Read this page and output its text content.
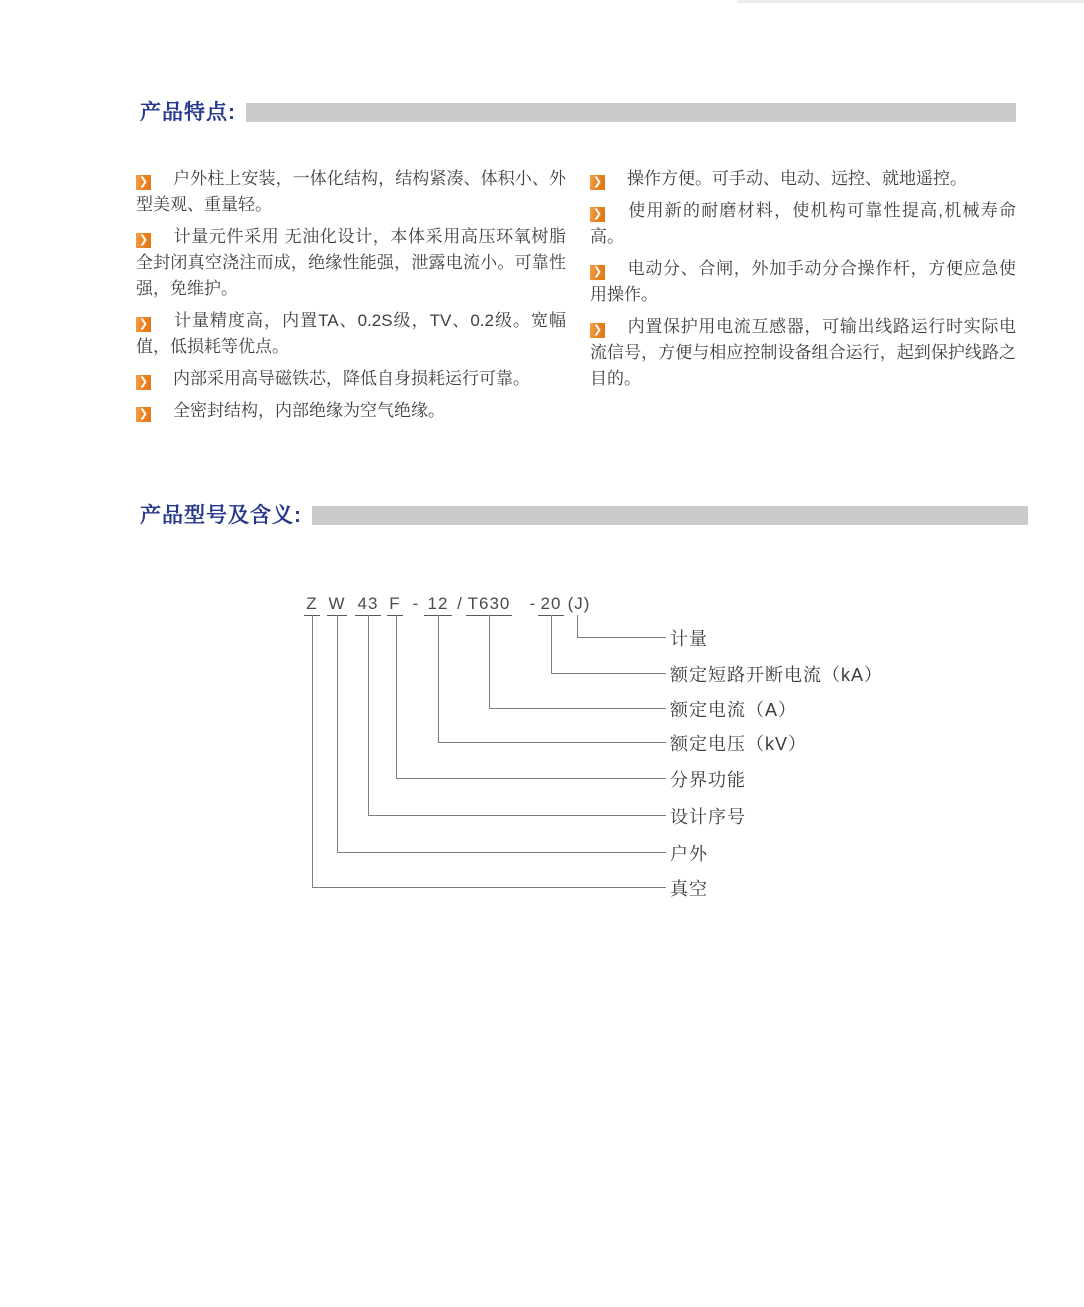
产品特点:

❯ 户外柱上安装，一体化结构，结构紧凑、体积小、外型美观、重量轻。

❯ 计量元件采用 无油化设计，本体采用高压环氧树脂全封闭真空浇注而成，绝缘性能强，泄露电流小。可靠性强，免维护。

❯ 计量精度高，内置TA、0.2S级，TV、0.2级。宽幅值，低损耗等优点。

❯ 内部采用高导磁铁芯，降低自身损耗运行可靠。

❯ 全密封结构，内部绝缘为空气绝缘。

❯ 操作方便。可手动、电动、远控、就地遥控。

❯ 使用新的耐磨材料，使机构可靠性提高,机械寿命高。

❯ 电动分、合闸，外加手动分合操作杆，方便应急使用操作。

❯ 内置保护用电流互感器，可输出线路运行时实际电流信号，方便与相应控制设备组合运行，起到保护线路之目的。

产品型号及含义:
Z W 43 F - 12 / T630 - 20 (J)
计量
额定短路开断电流（kA）
额定电流（A）
额定电压（kV）
分界功能
设计序号
户外
真空
